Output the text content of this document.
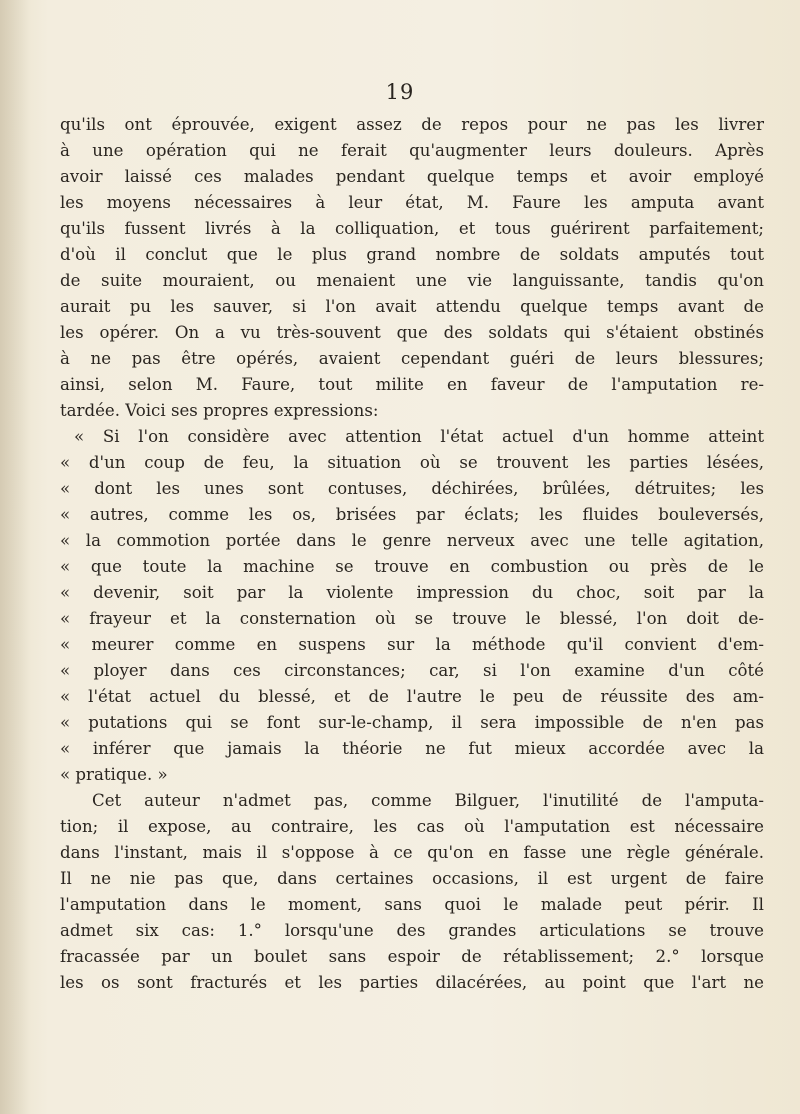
19
qu'ils ont éprouvée, exigent assez de repos pour ne pas les livrer
à une opération qui ne ferait qu'augmenter leurs douleurs. Après
avoir laissé ces malades pendant quelque temps et avoir employé
les moyens nécessaires à leur état, M. Faure les amputa avant
qu'ils fussent livrés à la colliquation, et tous guérirent parfaitement;
d'où il conclut que le plus grand nombre de soldats amputés tout
de suite mouraient, ou menaient une vie languissante, tandis qu'on
aurait pu les sauver, si l'on avait attendu quelque temps avant de
les opérer. On a vu très-souvent que des soldats qui s'étaient obstinés
à ne pas être opérés, avaient cependant guéri de leurs blessures;
ainsi, selon M. Faure, tout milite en faveur de l'amputation re-
tardée. Voici ses propres expressions:
« Si l'on considère avec attention l'état actuel d'un homme atteint
« d'un coup de feu, la situation où se trouvent les parties lésées,
« dont les unes sont contuses, déchirées, brûlées, détruites; les
« autres, comme les os, brisées par éclats; les fluides bouleversés,
« la commotion portée dans le genre nerveux avec une telle agitation,
« que toute la machine se trouve en combustion ou près de le
« devenir, soit par la violente impression du choc, soit par la
« frayeur et la consternation où se trouve le blessé, l'on doit de-
« meurer comme en suspens sur la méthode qu'il convient d'em-
« ployer dans ces circonstances; car, si l'on examine d'un côté
« l'état actuel du blessé, et de l'autre le peu de réussite des am-
« putations qui se font sur-le-champ, il sera impossible de n'en pas
« inférer que jamais la théorie ne fut mieux accordée avec la
« pratique. »
Cet auteur n'admet pas, comme Bilguer, l'inutilité de l'amputa-
tion; il expose, au contraire, les cas où l'amputation est nécessaire
dans l'instant, mais il s'oppose à ce qu'on en fasse une règle générale.
Il ne nie pas que, dans certaines occasions, il est urgent de faire
l'amputation dans le moment, sans quoi le malade peut périr. Il
admet six cas: 1.° lorsqu'une des grandes articulations se trouve
fracassée par un boulet sans espoir de rétablissement; 2.° lorsque
les os sont fracturés et les parties dilacérées, au point que l'art ne
